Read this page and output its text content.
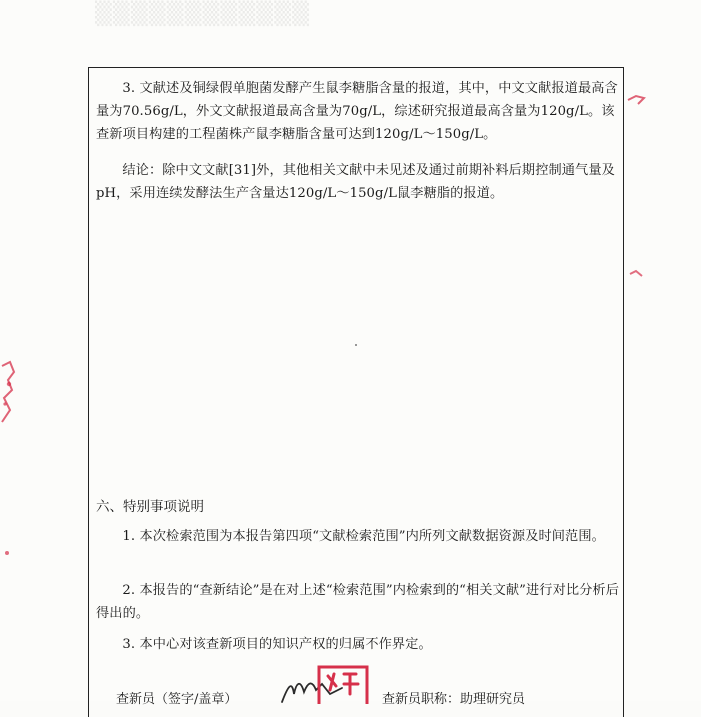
▒▒▒▒▒▒▒▒▒▒▒▒

3. 文献述及铜绿假单胞菌发酵产生鼠李糖脂含量的报道，其中，中文文献报道最高含量为70.56g/L，外文文献报道最高含量为70g/L，综述研究报道最高含量为120g/L。该查新项目构建的工程菌株产鼠李糖脂含量可达到120g/L～150g/L。

结论：除中文文献[31]外，其他相关文献中未见述及通过前期补料后期控制通气量及pH，采用连续发酵法生产含量达120g/L～150g/L鼠李糖脂的报道。

六、特别事项说明

1. 本次检索范围为本报告第四项“文献检索范围”内所列文献数据资源及时间范围。

2. 本报告的“查新结论”是在对上述“检索范围”内检索到的“相关文献”进行对比分析后得出的。

3. 本中心对该查新项目的知识产权的归属不作界定。

查新员（签字/盖章）	查新员职称：助理研究员
